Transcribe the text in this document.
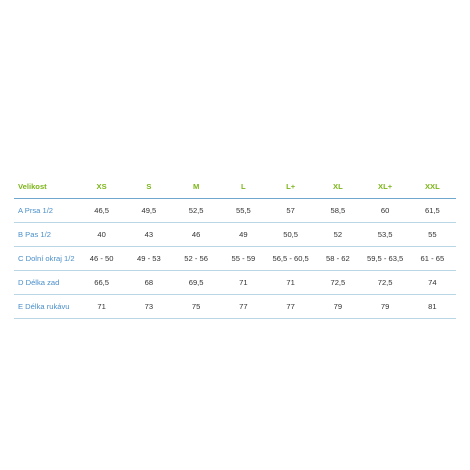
Velikost	XS	S	M	L	L+	XL	XL+	XXL
A Prsa 1/2	46,5	49,5	52,5	55,5	57	58,5	60	61,5
B Pas 1/2	40	43	46	49	50,5	52	53,5	55
C Dolní okraj 1/2	46 - 50	49 - 53	52 - 56	55 - 59	56,5 - 60,5	58 - 62	59,5 - 63,5	61 - 65
D Délka zad	66,5	68	69,5	71	71	72,5	72,5	74
E Délka rukávu	71	73	75	77	77	79	79	81
